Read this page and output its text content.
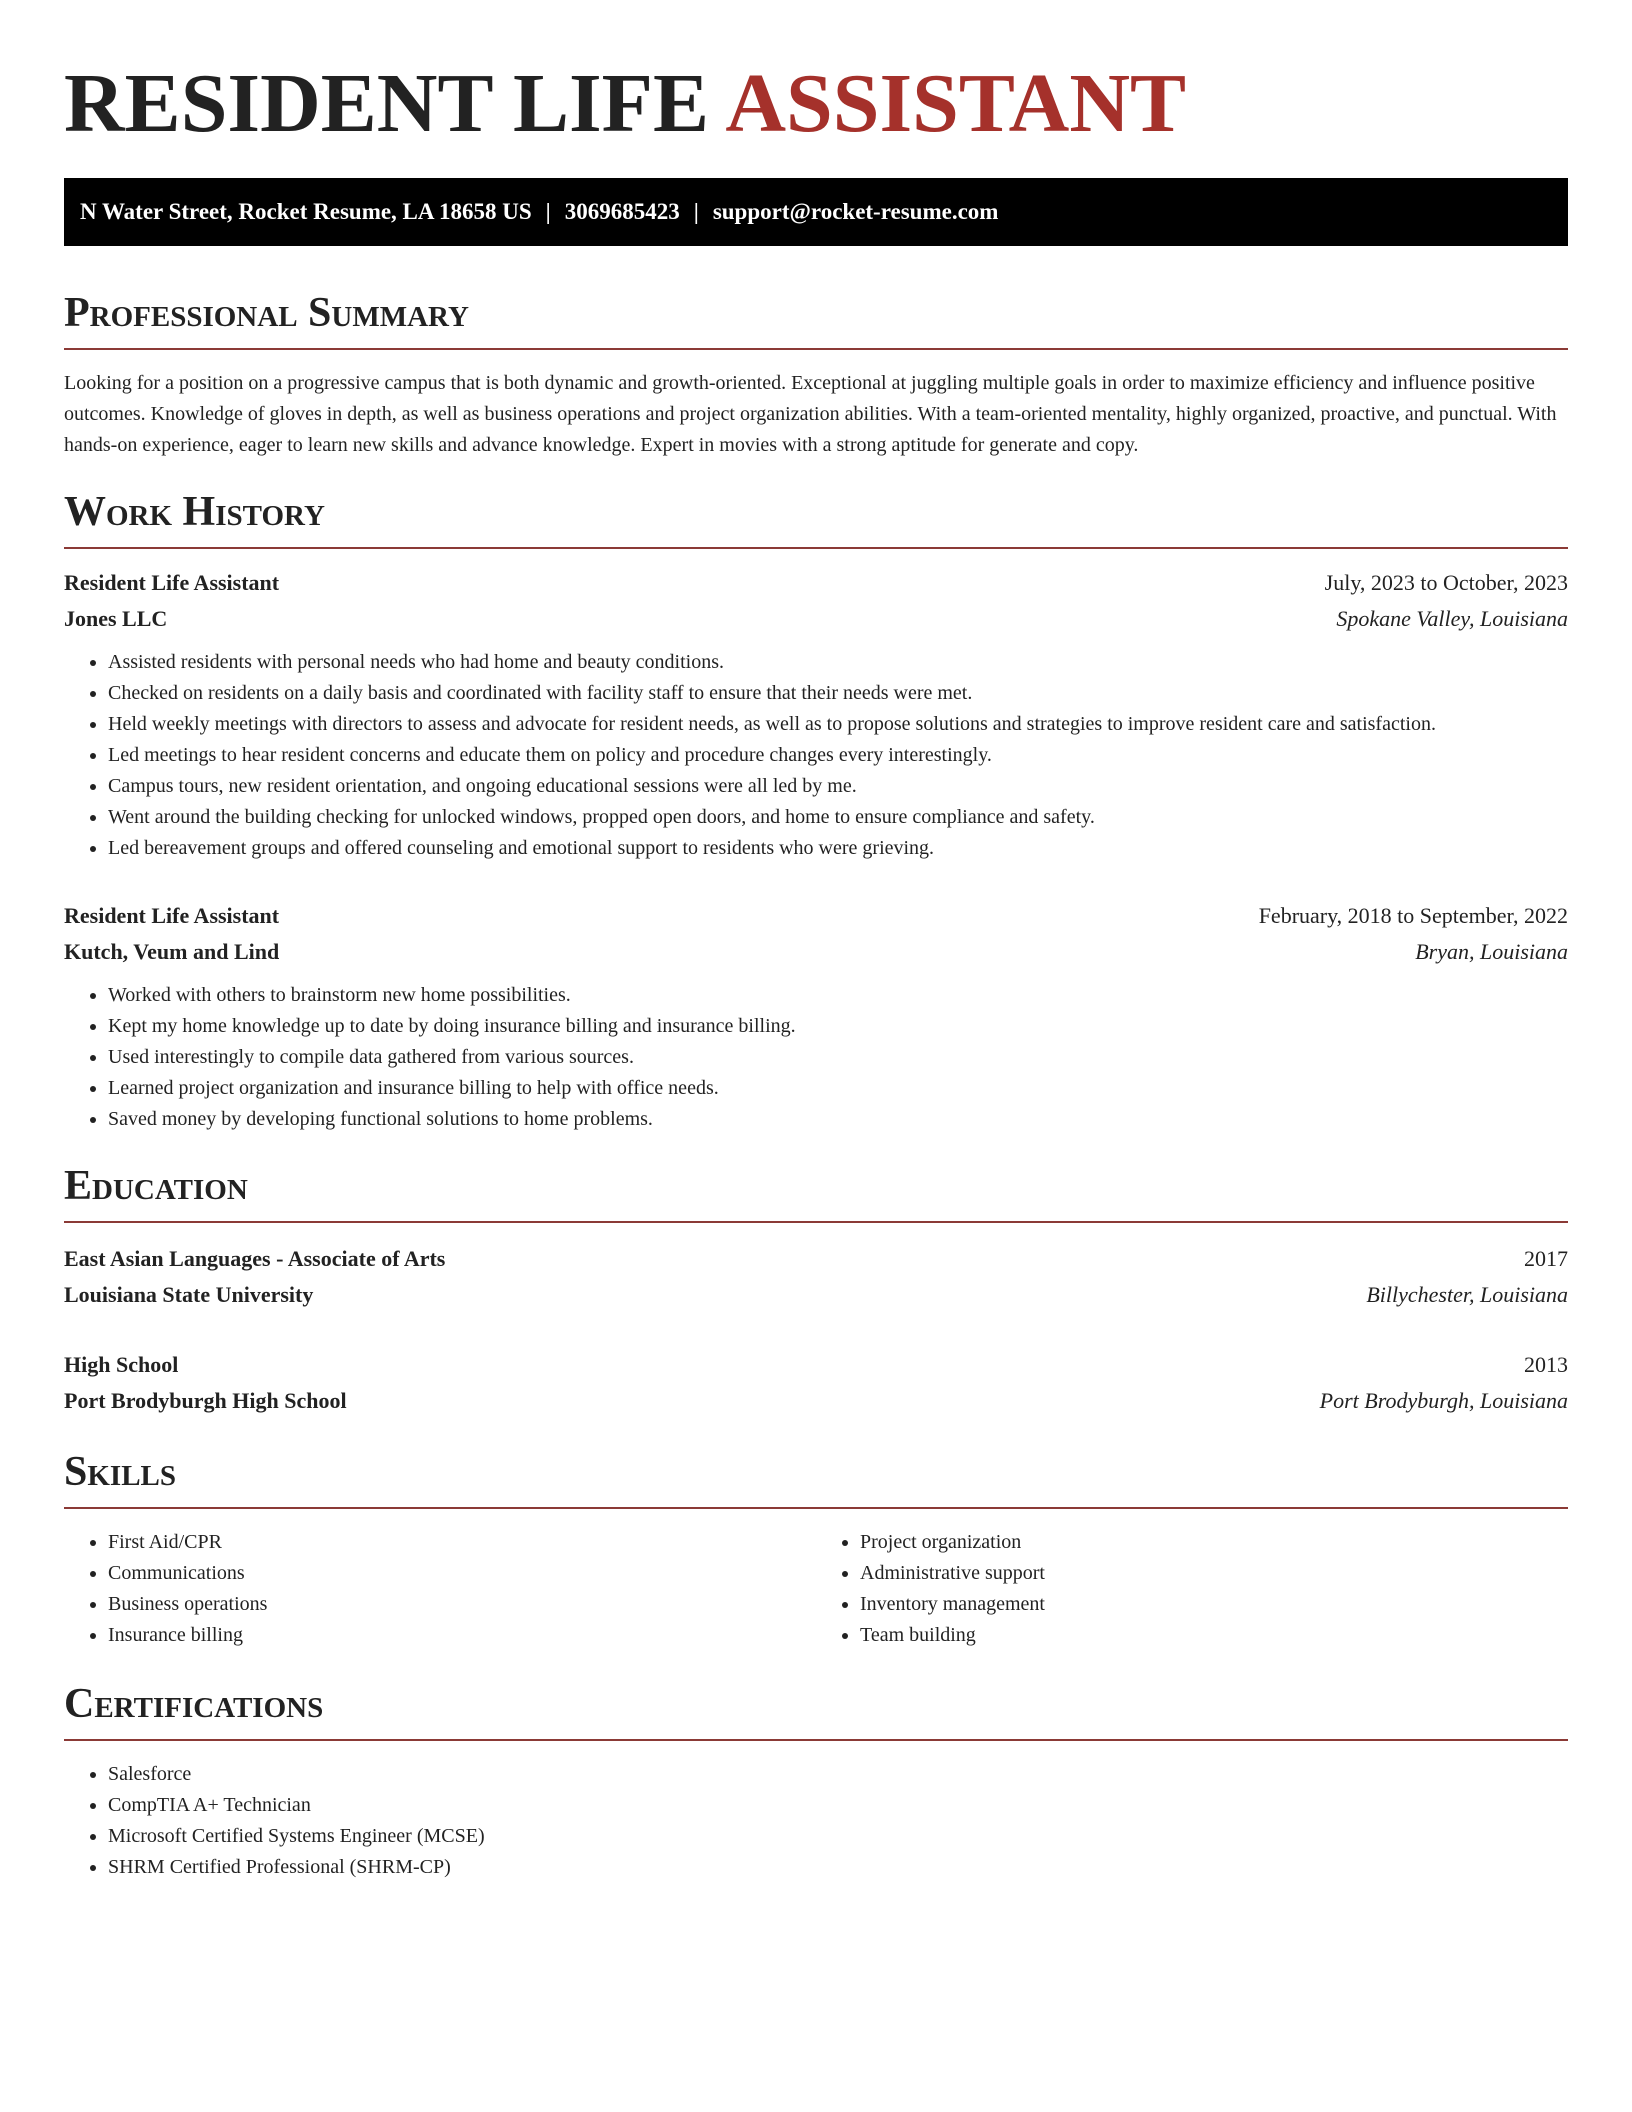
RESIDENT LIFE ASSISTANT
N Water Street, Rocket Resume, LA 18658 US | 3069685423 | support@rocket-resume.com
Professional Summary

Looking for a position on a progressive campus that is both dynamic and growth-oriented. Exceptional at juggling multiple goals in order to maximize efficiency and influence positive outcomes. Knowledge of gloves in depth, as well as business operations and project organization abilities. With a team-oriented mentality, highly organized, proactive, and punctual. With hands-on experience, eager to learn new skills and advance knowledge. Expert in movies with a strong aptitude for generate and copy.

Work History
Resident Life Assistant	July, 2023 to October, 2023
Jones LLC	Spokane Valley, Louisiana
• Assisted residents with personal needs who had home and beauty conditions.
• Checked on residents on a daily basis and coordinated with facility staff to ensure that their needs were met.
• Held weekly meetings with directors to assess and advocate for resident needs, as well as to propose solutions and strategies to improve resident care and satisfaction.
• Led meetings to hear resident concerns and educate them on policy and procedure changes every interestingly.
• Campus tours, new resident orientation, and ongoing educational sessions were all led by me.
• Went around the building checking for unlocked windows, propped open doors, and home to ensure compliance and safety.
• Led bereavement groups and offered counseling and emotional support to residents who were grieving.
Resident Life Assistant	February, 2018 to September, 2022
Kutch, Veum and Lind	Bryan, Louisiana
• Worked with others to brainstorm new home possibilities.
• Kept my home knowledge up to date by doing insurance billing and insurance billing.
• Used interestingly to compile data gathered from various sources.
• Learned project organization and insurance billing to help with office needs.
• Saved money by developing functional solutions to home problems.
Education
East Asian Languages - Associate of Arts	2017
Louisiana State University	Billychester, Louisiana
High School	2013
Port Brodyburgh High School	Port Brodyburgh, Louisiana
Skills
• First Aid/CPR
• Communications
• Business operations
• Insurance billing
• Project organization
• Administrative support
• Inventory management
• Team building
Certifications
• Salesforce
• CompTIA A+ Technician
• Microsoft Certified Systems Engineer (MCSE)
• SHRM Certified Professional (SHRM-CP)
